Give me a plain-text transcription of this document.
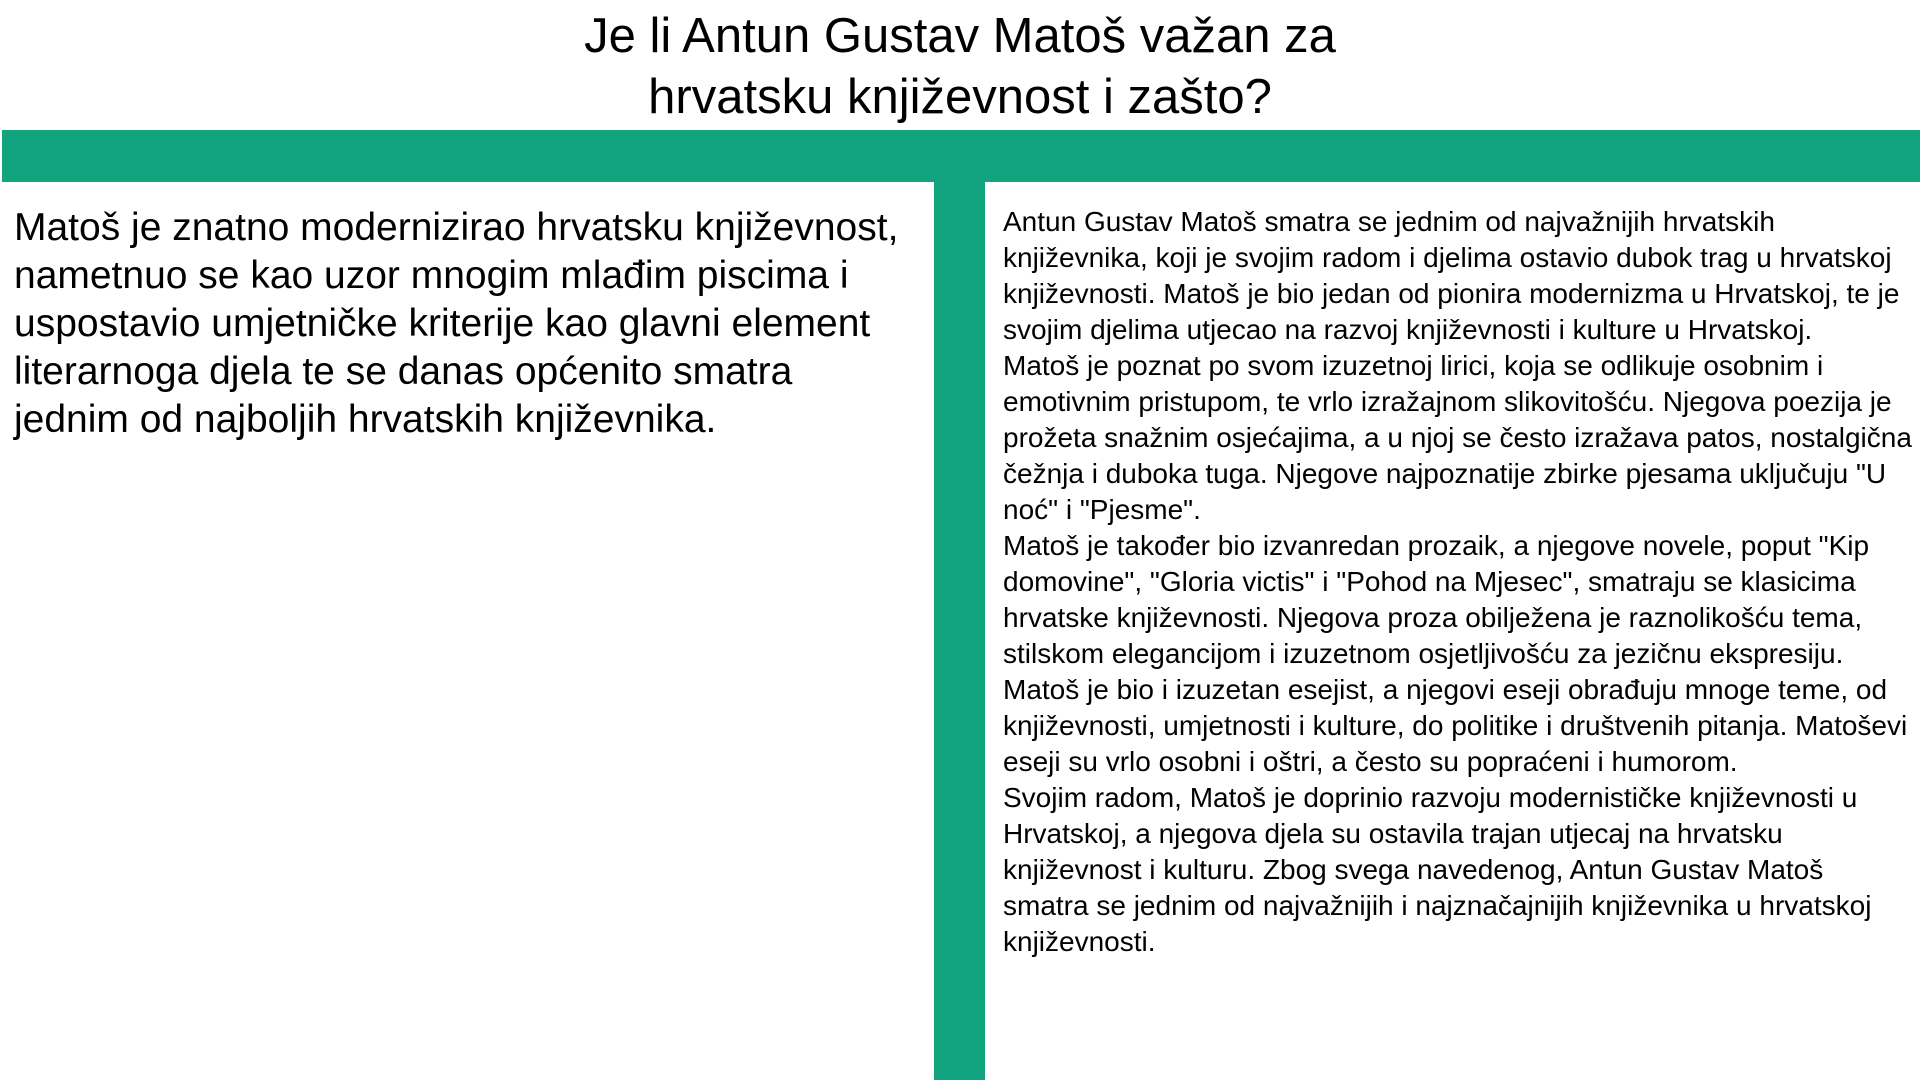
Je li Antun Gustav Matoš važan za
hrvatsku književnost i zašto?

Matoš je znatno modernizirao hrvatsku književnost, nametnuo se kao uzor mnogim mlađim piscima i uspostavio umjetničke kriterije kao glavni element literarnoga djela te se danas općenito smatra jednim od najboljih hrvatskih književnika.

Antun Gustav Matoš smatra se jednim od najvažnijih hrvatskih književnika, koji je svojim radom i djelima ostavio dubok trag u hrvatskoj književnosti. Matoš je bio jedan od pionira modernizma u Hrvatskoj, te je svojim djelima utjecao na razvoj književnosti i kulture u Hrvatskoj.

Matoš je poznat po svom izuzetnoj lirici, koja se odlikuje osobnim i emotivnim pristupom, te vrlo izražajnom slikovitošću. Njegova poezija je prožeta snažnim osjećajima, a u njoj se često izražava patos, nostalgična čežnja i duboka tuga. Njegove najpoznatije zbirke pjesama uključuju "U noć" i "Pjesme".

Matoš je također bio izvanredan prozaik, a njegove novele, poput "Kip domovine", "Gloria victis" i "Pohod na Mjesec", smatraju se klasicima hrvatske književnosti. Njegova proza obilježena je raznolikošću tema, stilskom elegancijom i izuzetnom osjetljivošću za jezičnu ekspresiju.

Matoš je bio i izuzetan esejist, a njegovi eseji obrađuju mnoge teme, od književnosti, umjetnosti i kulture, do politike i društvenih pitanja. Matoševi eseji su vrlo osobni i oštri, a često su popraćeni i humorom.

Svojim radom, Matoš je doprinio razvoju modernističke književnosti u Hrvatskoj, a njegova djela su ostavila trajan utjecaj na hrvatsku književnost i kulturu. Zbog svega navedenog, Antun Gustav Matoš smatra se jednim od najvažnijih i najznačajnijih književnika u hrvatskoj književnosti.
